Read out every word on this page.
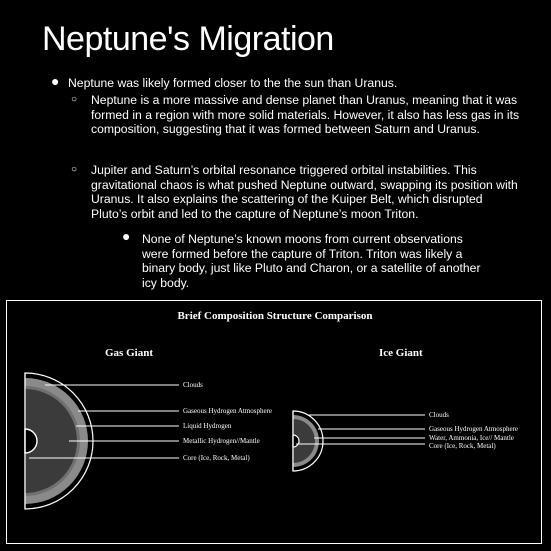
Neptune's Migration
● Neptune was likely formed closer to the the sun than Uranus.

○ Neptune is a more massive and dense planet than Uranus, meaning that it was formed in a region with more solid materials. However, it also has less gas in its composition, suggesting that it was formed between Saturn and Uranus.

○ Jupiter and Saturn’s orbital resonance triggered orbital instabilities. This gravitational chaos is what pushed Neptune outward, swapping its position with Uranus. It also explains the scattering of the Kuiper Belt, which disrupted Pluto’s orbit and led to the capture of Neptune’s moon Triton.

● None of Neptune’s known moons from current observations were formed before the capture of Triton. Triton was likely a binary body, just like Pluto and Charon, or a satellite of another icy body.

Brief Composition Structure Comparison
Gas Giant	Ice Giant
Clouds
Gaseous Hydrogen Atmosphere
Liquid Hydrogen
Metallic Hydrogen//Mantle
Core (Ice, Rock, Metal)
Clouds
Gaseous Hydrogen Atmosphere
Water, Ammonia, Ice// Mantle
Core (Ice, Rock, Metal)
